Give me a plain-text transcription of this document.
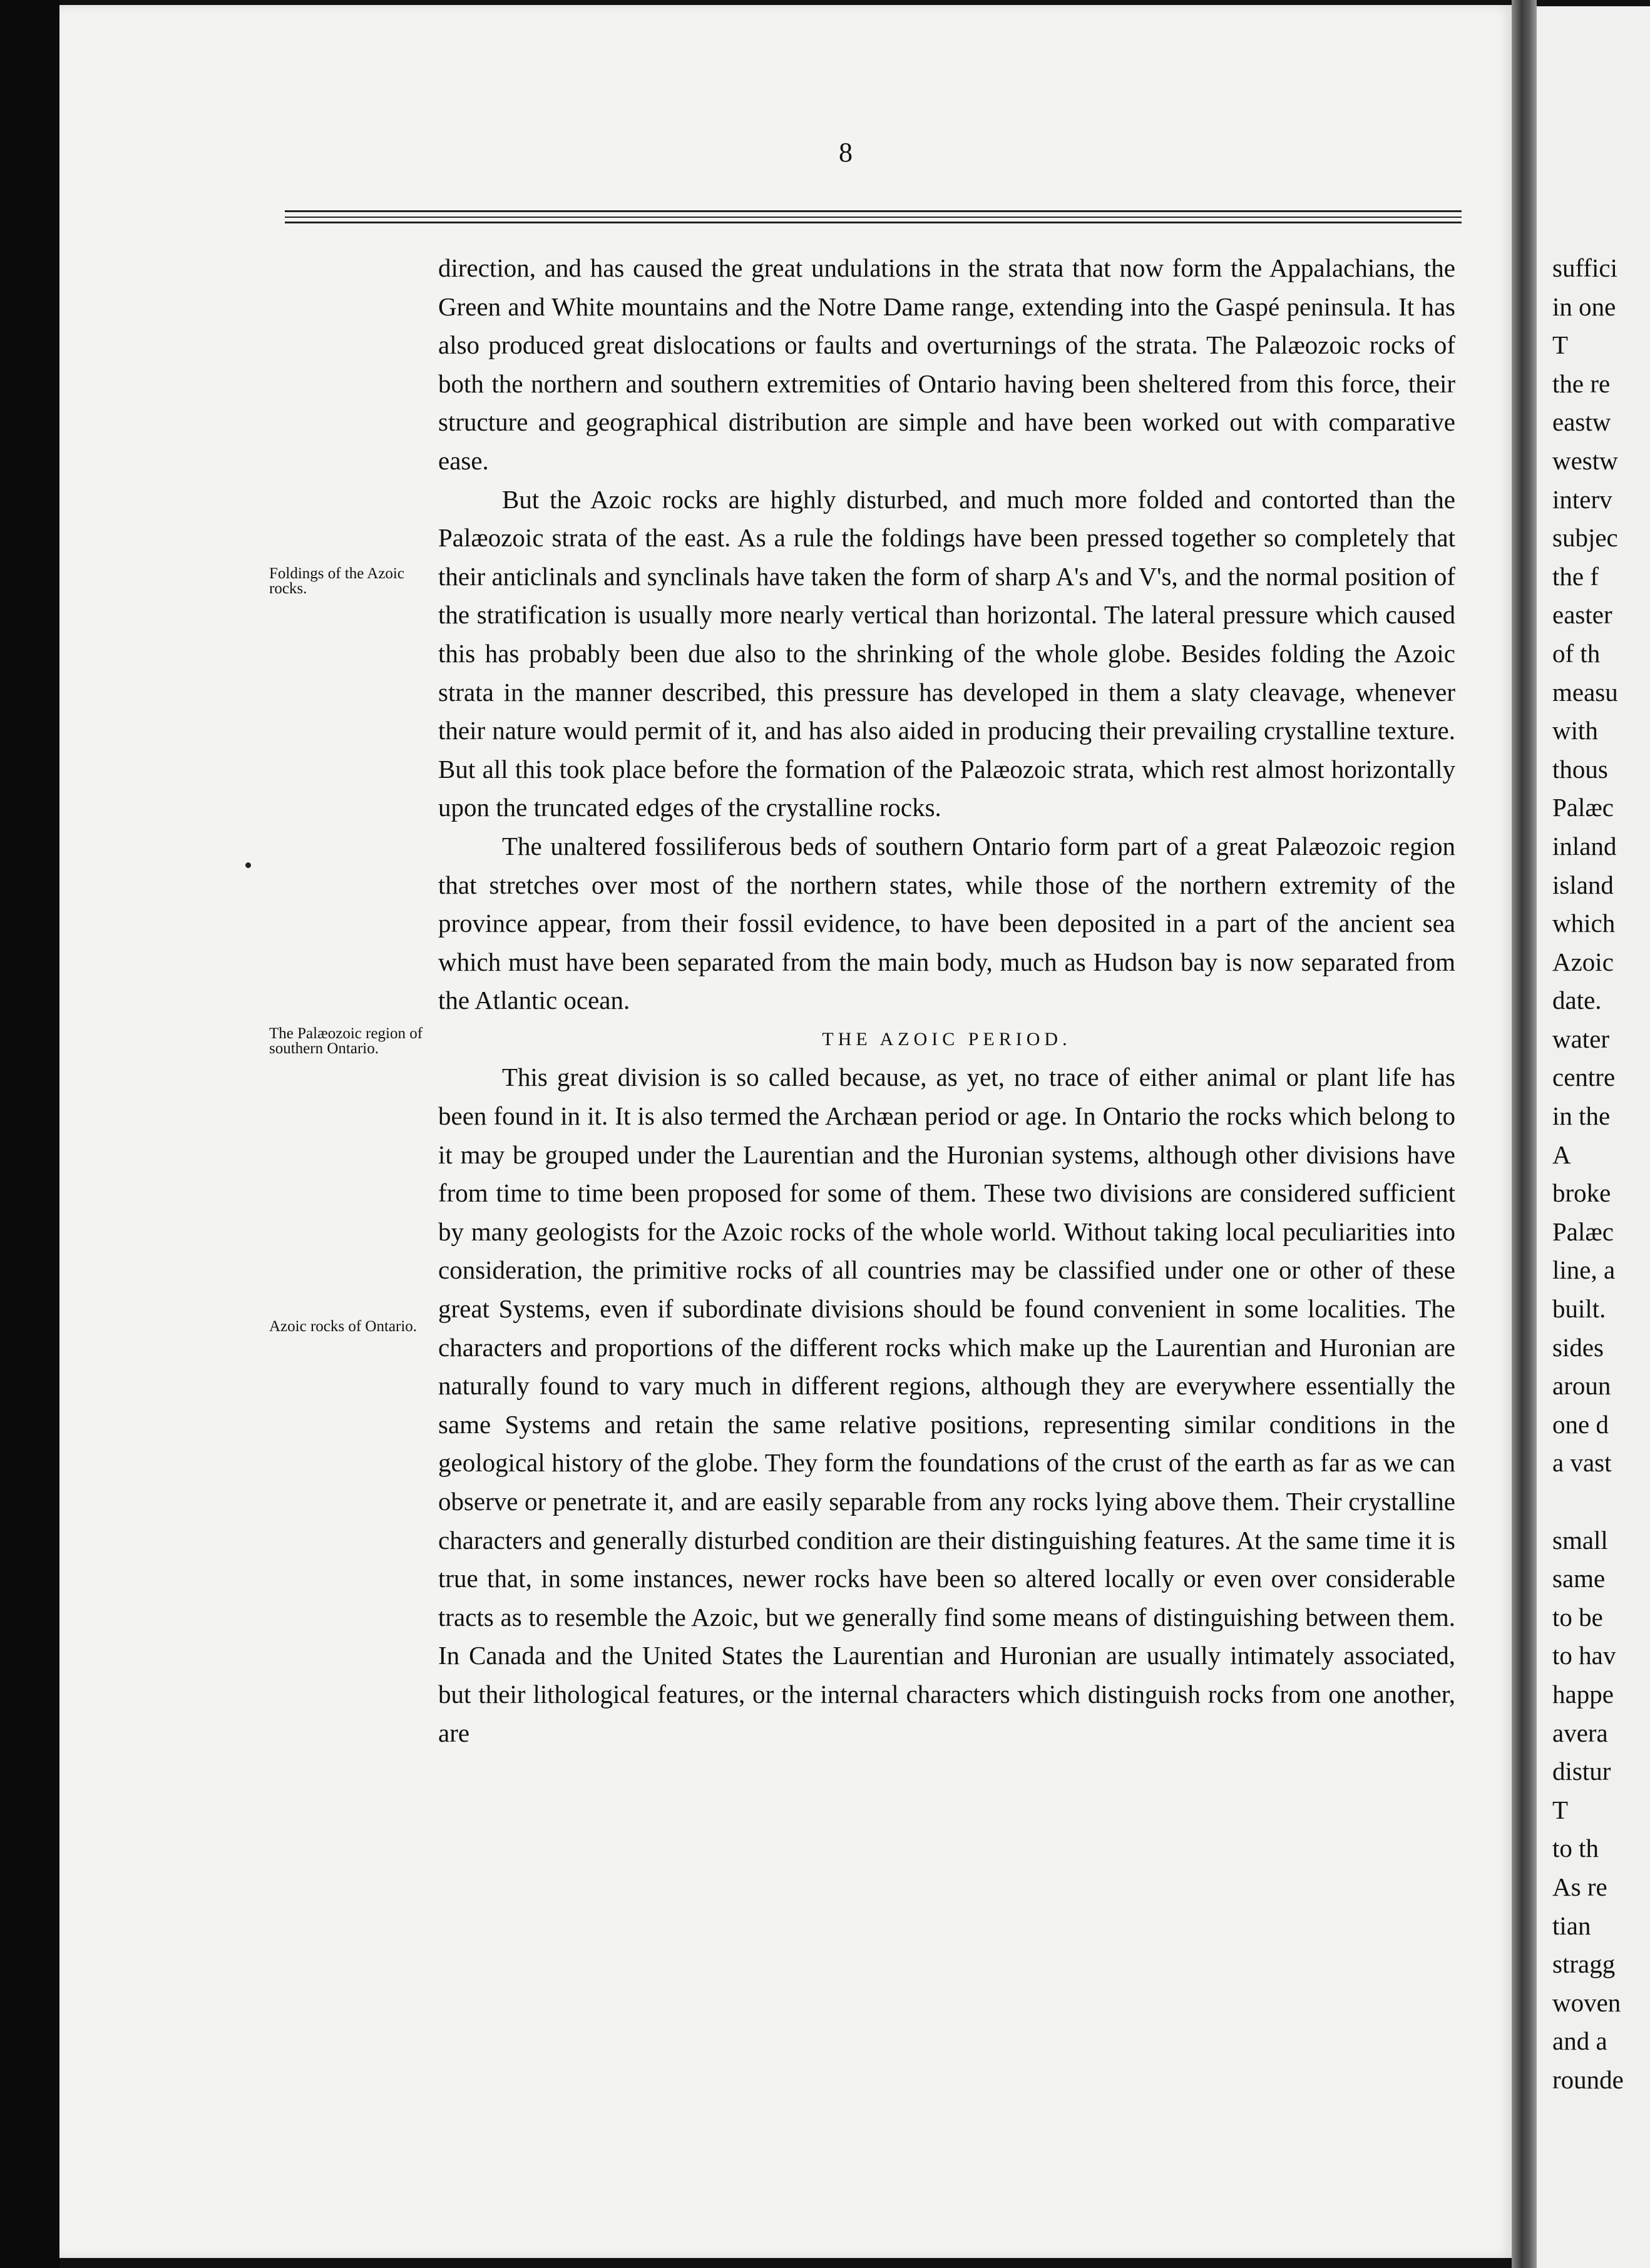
8
Foldings of the Azoic rocks.
The Palæozoic region of southern Ontario.
Azoic rocks of Ontario.

direction, and has caused the great undulations in the strata that now form the Appalachians, the Green and White mountains and the Notre Dame range, extending into the Gaspé peninsula. It has also produced great dislocations or faults and overturnings of the strata. The Palæozoic rocks of both the northern and southern extremities of Ontario having been sheltered from this force, their structure and geographical distribution are simple and have been worked out with comparative ease.

But the Azoic rocks are highly disturbed, and much more folded and contorted than the Palæozoic strata of the east. As a rule the foldings have been pressed together so completely that their anticlinals and synclinals have taken the form of sharp A's and V's, and the normal position of the stratification is usually more nearly vertical than horizontal. The lateral pressure which caused this has probably been due also to the shrinking of the whole globe. Besides folding the Azoic strata in the manner described, this pressure has developed in them a slaty cleavage, whenever their nature would permit of it, and has also aided in producing their prevailing crystalline texture. But all this took place before the formation of the Palæozoic strata, which rest almost horizontally upon the truncated edges of the crystalline rocks.

The unaltered fossiliferous beds of southern Ontario form part of a great Palæozoic region that stretches over most of the northern states, while those of the northern extremity of the province appear, from their fossil evidence, to have been deposited in a part of the ancient sea which must have been separated from the main body, much as Hudson bay is now separated from the Atlantic ocean.

THE AZOIC PERIOD.

This great division is so called because, as yet, no trace of either animal or plant life has been found in it. It is also termed the Archæan period or age. In Ontario the rocks which belong to it may be grouped under the Laurentian and the Huronian systems, although other divisions have from time to time been proposed for some of them. These two divisions are considered sufficient by many geologists for the Azoic rocks of the whole world. Without taking local peculiarities into consideration, the primitive rocks of all countries may be classified under one or other of these great Systems, even if subordinate divisions should be found convenient in some localities. The characters and proportions of the different rocks which make up the Laurentian and Huronian are naturally found to vary much in different regions, although they are everywhere essentially the same Systems and retain the same relative positions, representing similar conditions in the geological history of the globe. They form the foundations of the crust of the earth as far as we can observe or penetrate it, and are easily separable from any rocks lying above them. Their crystalline characters and generally disturbed condition are their distinguishing features. At the same time it is true that, in some instances, newer rocks have been so altered locally or even over considerable tracts as to resemble the Azoic, but we generally find some means of distinguishing between them. In Canada and the United States the Laurentian and Huronian are usually intimately associated, but their lithological features, or the internal characters which distinguish rocks from one another, are

suffici
in one
T
the re
eastw
westw
interv
subjec
the f
easter
of th
measu
with
thous
Palæc
inland
island
which
Azoic
date.
water
centre
in the
A
broke
Palæc
line, a
built.
sides
aroun
one d
a vast
small
same
to be
to hav
happe
avera
distur
T
to th
As re
tian
stragg
woven
and a
rounde
